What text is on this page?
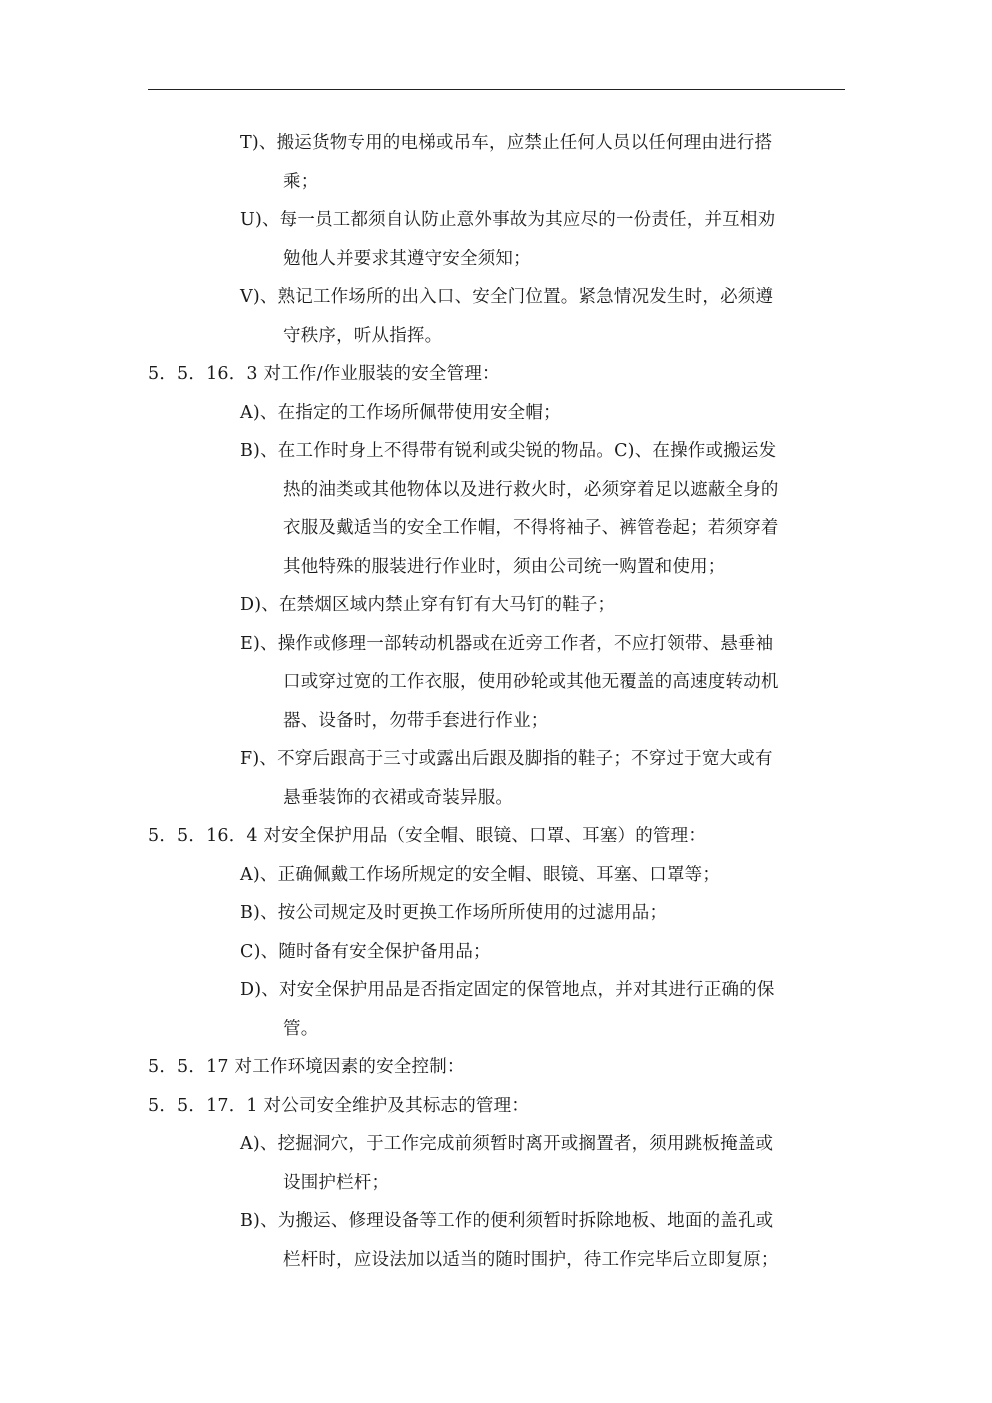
T)、搬运货物专用的电梯或吊车，应禁止任何人员以任何理由进行搭
乘；
U)、每一员工都须自认防止意外事故为其应尽的一份责任，并互相劝
勉他人并要求其遵守安全须知；
V)、熟记工作场所的出入口、安全门位置。紧急情况发生时，必须遵
守秩序，听从指挥。
5．5．16．3 对工作/作业服装的安全管理：
A)、在指定的工作场所佩带使用安全帽；
B)、在工作时身上不得带有锐利或尖锐的物品。C)、在操作或搬运发
热的油类或其他物体以及进行救火时，必须穿着足以遮蔽全身的
衣服及戴适当的安全工作帽，不得将袖子、裤管卷起；若须穿着
其他特殊的服装进行作业时，须由公司统一购置和使用；
D)、在禁烟区域内禁止穿有钉有大马钉的鞋子；
E)、操作或修理一部转动机器或在近旁工作者，不应打领带、悬垂袖
口或穿过宽的工作衣服，使用砂轮或其他无覆盖的高速度转动机
器、设备时，勿带手套进行作业；
F)、不穿后跟高于三寸或露出后跟及脚指的鞋子；不穿过于宽大或有
悬垂装饰的衣裙或奇装异服。
5．5．16．4 对安全保护用品（安全帽、眼镜、口罩、耳塞）的管理：
A)、正确佩戴工作场所规定的安全帽、眼镜、耳塞、口罩等；
B)、按公司规定及时更换工作场所所使用的过滤用品；
C)、随时备有安全保护备用品；
D)、对安全保护用品是否指定固定的保管地点，并对其进行正确的保
管。
5．5．17 对工作环境因素的安全控制：
5．5．17．1 对公司安全维护及其标志的管理：
A)、挖掘洞穴，于工作完成前须暂时离开或搁置者，须用跳板掩盖或
设围护栏杆；
B)、为搬运、修理设备等工作的便利须暂时拆除地板、地面的盖孔或
栏杆时，应设法加以适当的随时围护，待工作完毕后立即复原；
